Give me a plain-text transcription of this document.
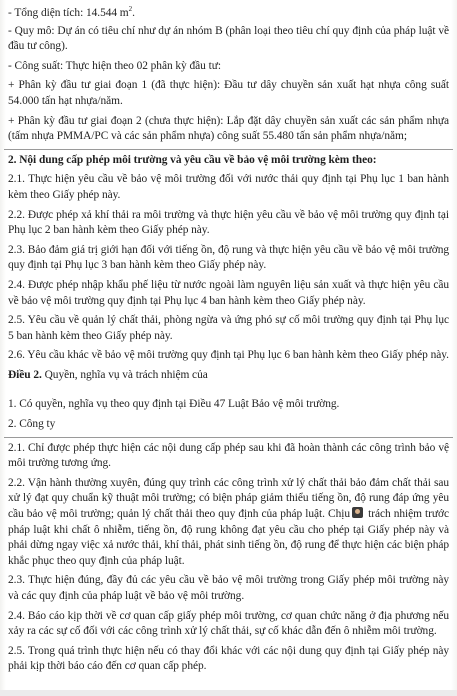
- Tổng diện tích: 14.544 $m^2$.

- Quy mô: Dự án có tiêu chí như dự án nhóm B (phân loại theo tiêu chí quy định của pháp luật về đầu tư công).

- Công suất: Thực hiện theo 02 phân kỳ đầu tư:

+ Phân kỳ đầu tư giai đoạn 1 (đã thực hiện): Đầu tư dây chuyền sản xuất hạt nhựa công suất 54.000 tấn hạt nhựa/năm.

+ Phân kỳ đầu tư giai đoạn 2 (chưa thực hiện): Lắp đặt dây chuyền sản xuất các sản phẩm nhựa (tấm nhựa PMMA/PC và các sản phẩm nhựa) công suất 55.480 tấn sản phẩm nhựa/năm;

2. Nội dung cấp phép môi trường và yêu cầu về bảo vệ môi trường kèm theo:

2.1. Thực hiện yêu cầu về bảo vệ môi trường đối với nước thải quy định tại Phụ lục 1 ban hành kèm theo Giấy phép này.

2.2. Được phép xả khí thải ra môi trường và thực hiện yêu cầu về bảo vệ môi trường quy định tại Phụ lục 2 ban hành kèm theo Giấy phép này.

2.3. Bảo đảm giá trị giới hạn đối với tiếng ồn, độ rung và thực hiện yêu cầu về bảo vệ môi trường quy định tại Phụ lục 3 ban hành kèm theo Giấy phép này.

2.4. Được phép nhập khẩu phế liệu từ nước ngoài làm nguyên liệu sản xuất và thực hiện yêu cầu về bảo vệ môi trường quy định tại Phụ lục 4 ban hành kèm theo Giấy phép này.

2.5. Yêu cầu về quản lý chất thải, phòng ngừa và ứng phó sự cố môi trường quy định tại Phụ lục 5 ban hành kèm theo Giấy phép này.

2.6. Yêu cầu khác về bảo vệ môi trường quy định tại Phụ lục 6 ban hành kèm theo Giấy phép này.

Điều 2. Quyền, nghĩa vụ và trách nhiệm của

1. Có quyền, nghĩa vụ theo quy định tại Điều 47 Luật Bảo vệ môi trường.

2. Công ty

2.1. Chỉ được phép thực hiện các nội dung cấp phép sau khi đã hoàn thành các công trình bảo vệ môi trường tương ứng.

2.2. Vận hành thường xuyên, đúng quy trình các công trình xử lý chất thải bảo đảm chất thải sau xử lý đạt quy chuẩn kỹ thuật môi trường; có biện pháp giảm thiểu tiếng ồn, độ rung đáp ứng yêu cầu bảo vệ môi trường; quản lý chất thải theo quy định của pháp luật. Chịu trách nhiệm trước pháp luật khi chất ô nhiễm, tiếng ồn, độ rung không đạt yêu cầu cho phép tại Giấy phép này và phải dừng ngay việc xả nước thải, khí thải, phát sinh tiếng ồn, độ rung để thực hiện các biện pháp khắc phục theo quy định của pháp luật.

2.3. Thực hiện đúng, đầy đủ các yêu cầu về bảo vệ môi trường trong Giấy phép môi trường này và các quy định của pháp luật về bảo vệ môi trường.

2.4. Báo cáo kịp thời về cơ quan cấp giấy phép môi trường, cơ quan chức năng ở địa phương nếu xảy ra các sự cố đối với các công trình xử lý chất thải, sự cố khác dẫn đến ô nhiễm môi trường.

2.5. Trong quá trình thực hiện nếu có thay đổi khác với các nội dung quy định tại Giấy phép này phải kịp thời báo cáo đến cơ quan cấp phép.
